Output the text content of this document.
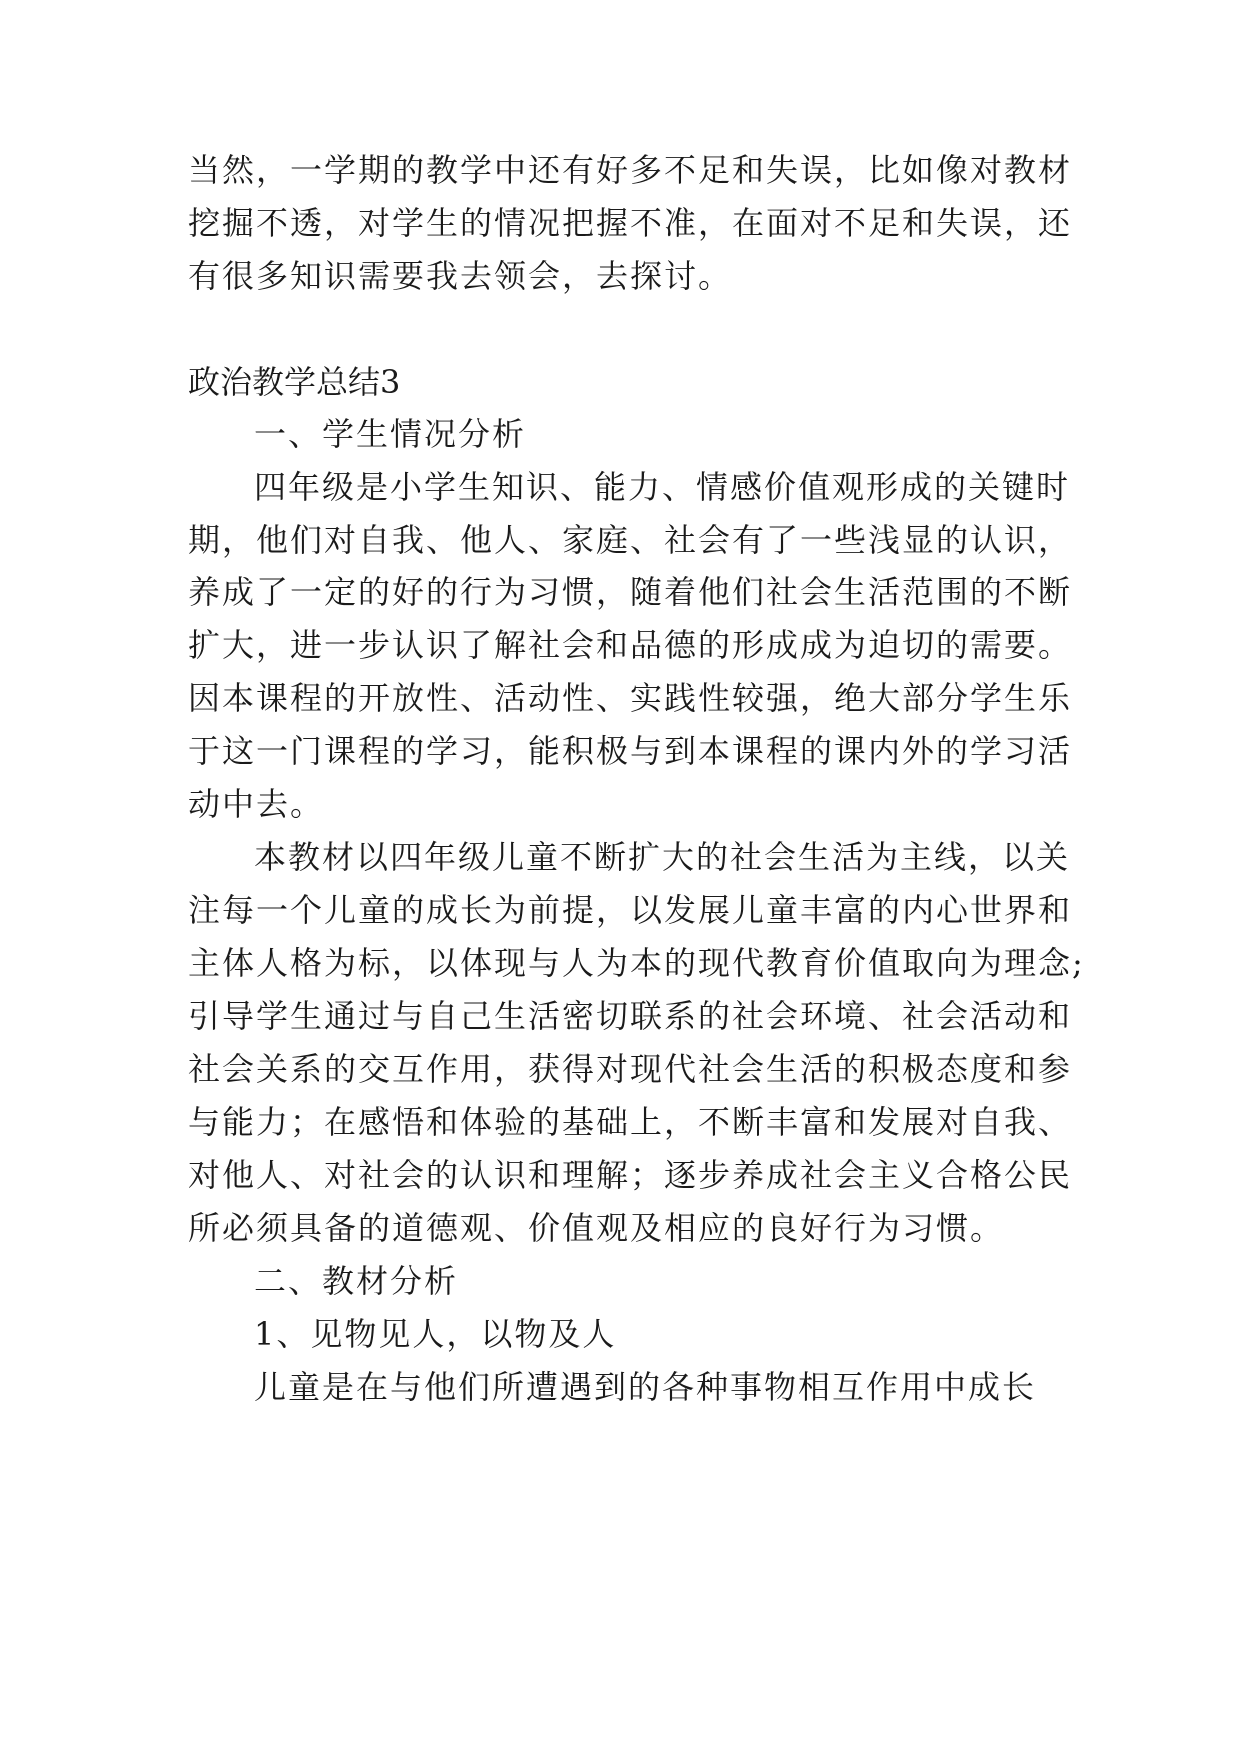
当然，一学期的教学中还有好多不足和失误，比如像对教材
挖掘不透，对学生的情况把握不准，在面对不足和失误，还
有很多知识需要我去领会，去探讨。
政治教学总结3
一、学生情况分析
四年级是小学生知识、能力、情感价值观形成的关键时
期，他们对自我、他人、家庭、社会有了一些浅显的认识，
养成了一定的好的行为习惯，随着他们社会生活范围的不断
扩大，进一步认识了解社会和品德的形成成为迫切的需要。
因本课程的开放性、活动性、实践性较强，绝大部分学生乐
于这一门课程的学习，能积极与到本课程的课内外的学习活
动中去。
本教材以四年级儿童不断扩大的社会生活为主线，以关
注每一个儿童的成长为前提，以发展儿童丰富的内心世界和
主体人格为标，以体现与人为本的现代教育价值取向为理念;
引导学生通过与自己生活密切联系的社会环境、社会活动和
社会关系的交互作用，获得对现代社会生活的积极态度和参
与能力；在感悟和体验的基础上，不断丰富和发展对自我、
对他人、对社会的认识和理解；逐步养成社会主义合格公民
所必须具备的道德观、价值观及相应的良好行为习惯。
二、教材分析
1、见物见人，以物及人
儿童是在与他们所遭遇到的各种事物相互作用中成长
